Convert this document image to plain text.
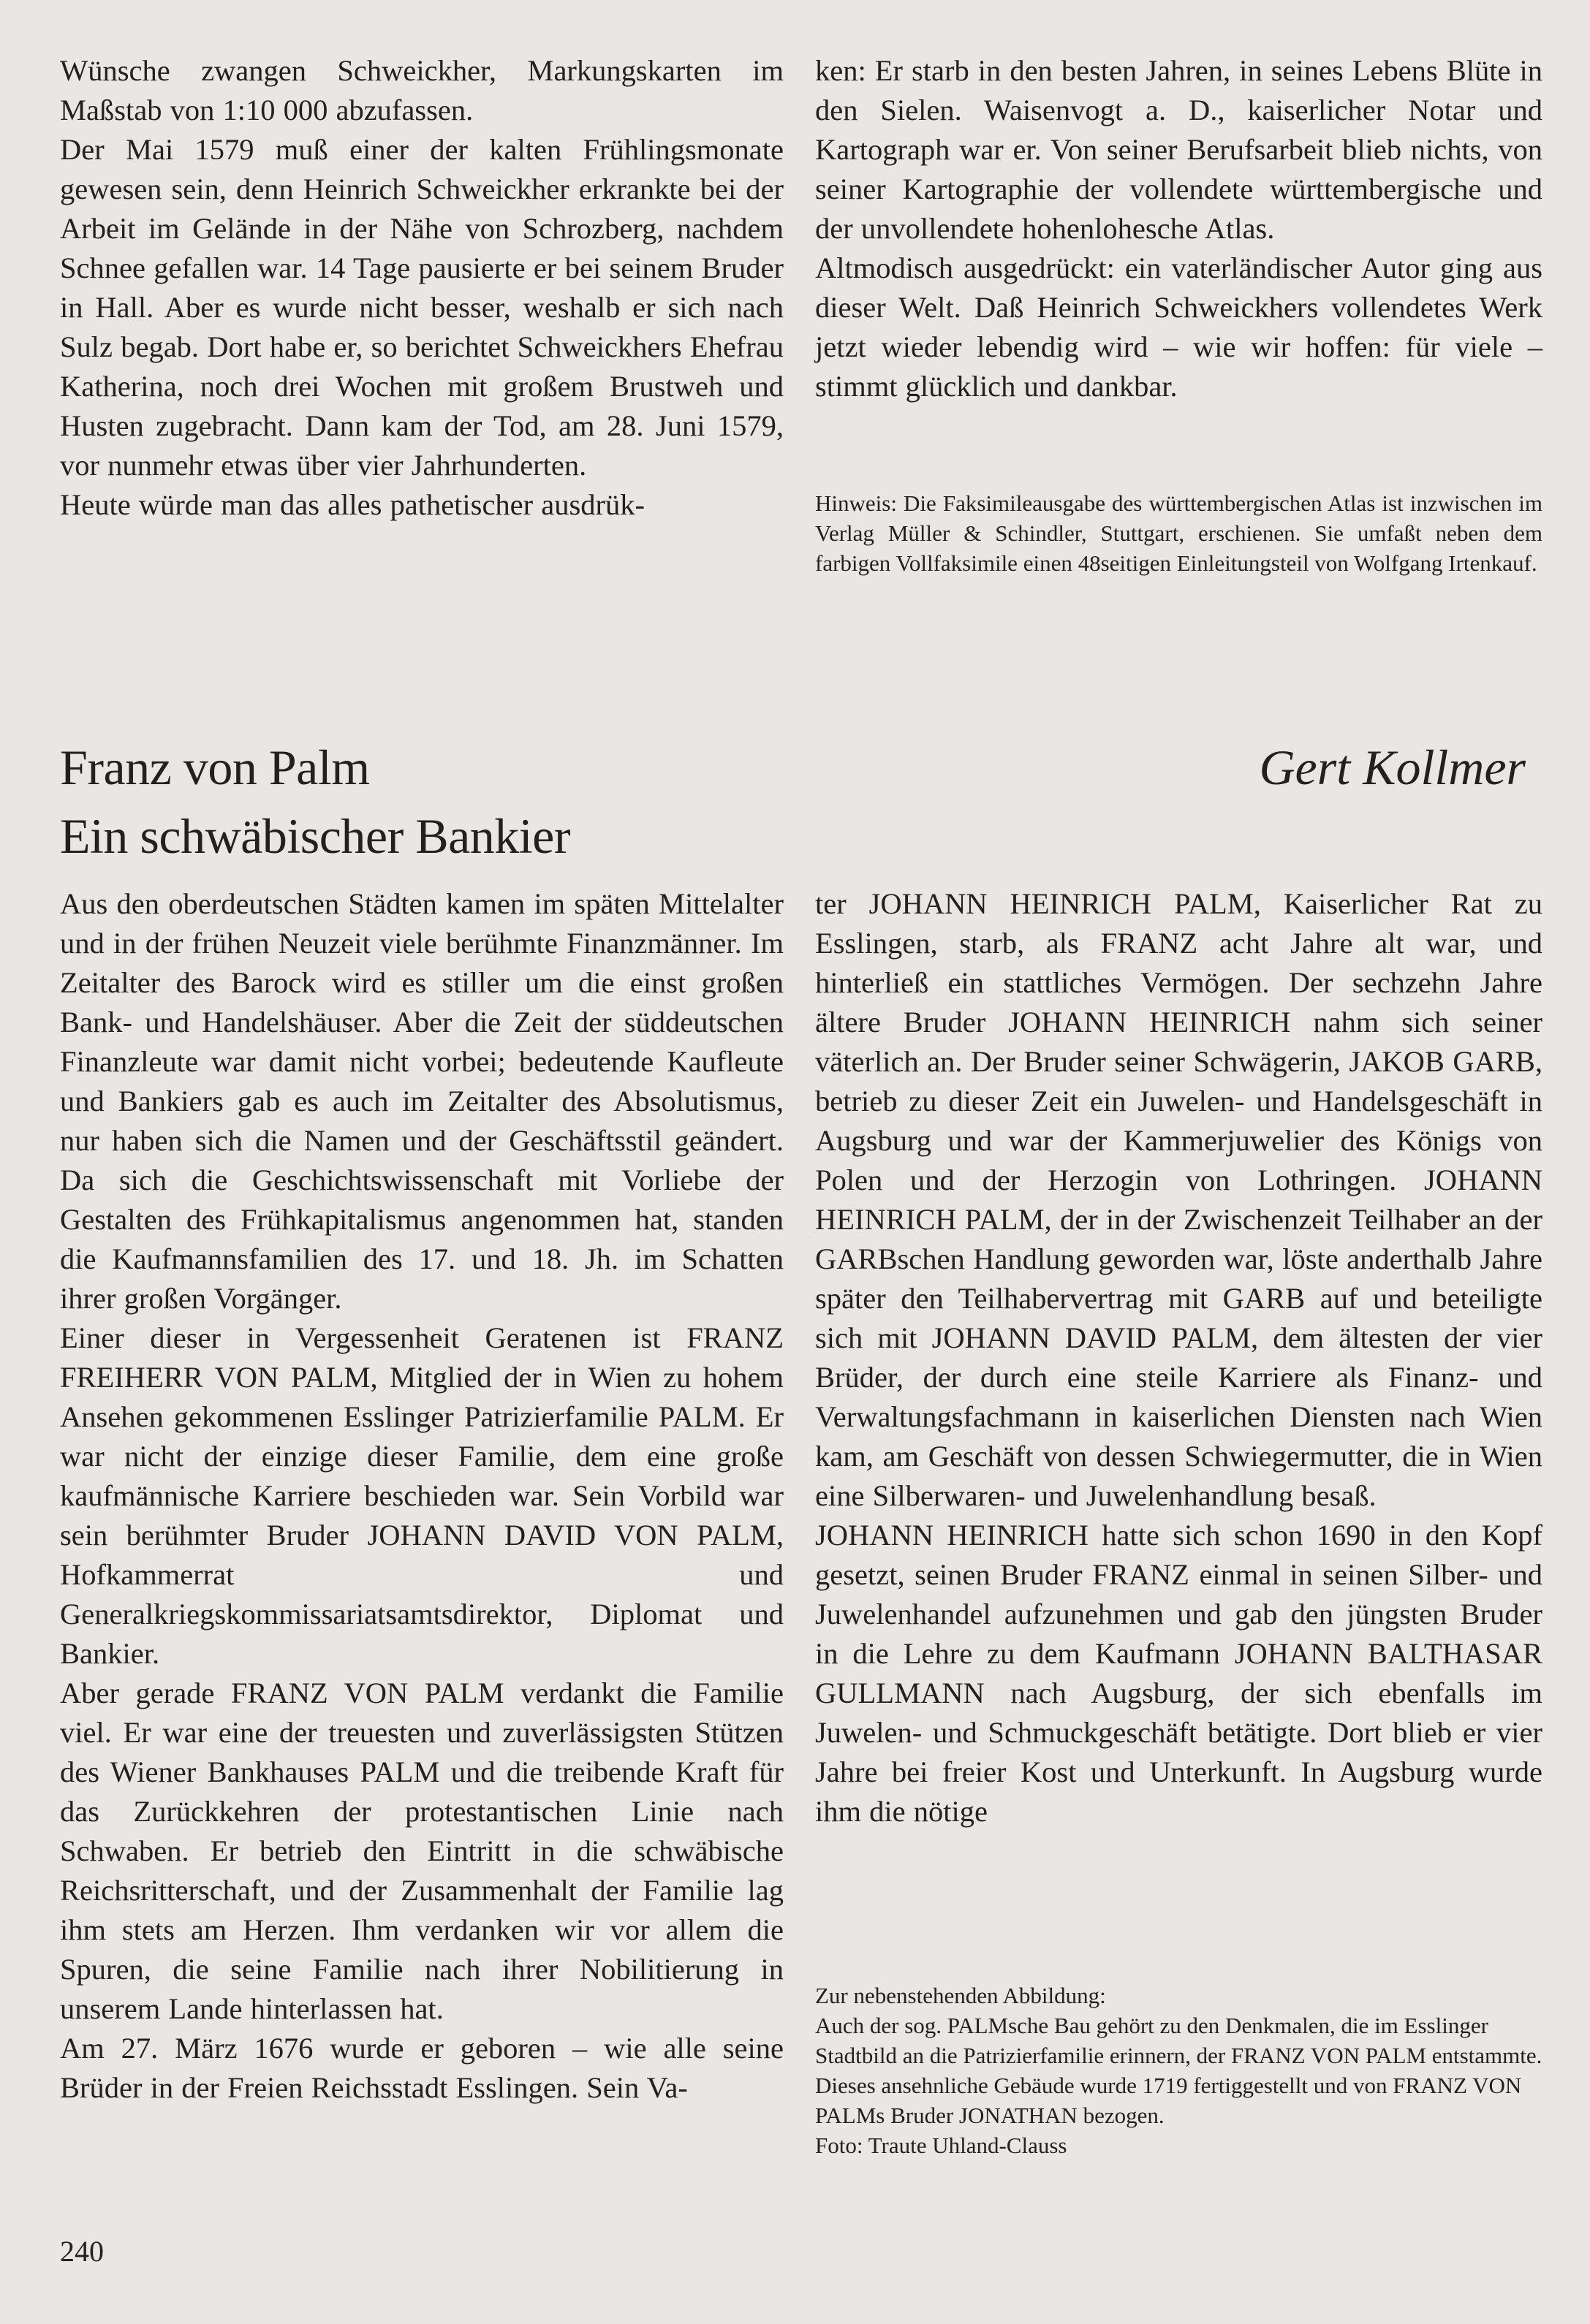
Wünsche zwangen Schweickher, Markungskarten im Maßstab von 1:10 000 abzufassen.

Der Mai 1579 muß einer der kalten Frühlingsmonate gewesen sein, denn Heinrich Schweickher erkrankte bei der Arbeit im Gelände in der Nähe von Schrozberg, nachdem Schnee gefallen war. 14 Tage pausierte er bei seinem Bruder in Hall. Aber es wurde nicht besser, weshalb er sich nach Sulz begab. Dort habe er, so berichtet Schweickhers Ehefrau Katherina, noch drei Wochen mit großem Brustweh und Husten zugebracht. Dann kam der Tod, am 28. Juni 1579, vor nunmehr etwas über vier Jahrhunderten.

Heute würde man das alles pathetischer ausdrük-

ken: Er starb in den besten Jahren, in seines Lebens Blüte in den Sielen. Waisenvogt a. D., kaiserlicher Notar und Kartograph war er. Von seiner Berufsarbeit blieb nichts, von seiner Kartographie der vollendete württembergische und der unvollendete hohenlohesche Atlas.

Altmodisch ausgedrückt: ein vaterländischer Autor ging aus dieser Welt. Daß Heinrich Schweickhers vollendetes Werk jetzt wieder lebendig wird – wie wir hoffen: für viele – stimmt glücklich und dankbar.

Hinweis: Die Faksimileausgabe des württembergischen Atlas ist inzwischen im Verlag Müller & Schindler, Stuttgart, erschienen. Sie umfaßt neben dem farbigen Vollfaksimile einen 48seitigen Einleitungsteil von Wolfgang Irtenkauf.

Franz von Palm
Ein schwäbischer Bankier
Gert Kollmer

Aus den oberdeutschen Städten kamen im späten Mittelalter und in der frühen Neuzeit viele berühmte Finanzmänner. Im Zeitalter des Barock wird es stiller um die einst großen Bank- und Handelshäuser. Aber die Zeit der süddeutschen Finanzleute war damit nicht vorbei; bedeutende Kaufleute und Bankiers gab es auch im Zeitalter des Absolutismus, nur haben sich die Namen und der Geschäftsstil geändert. Da sich die Geschichtswissenschaft mit Vorliebe der Gestalten des Frühkapitalismus angenommen hat, standen die Kaufmannsfamilien des 17. und 18. Jh. im Schatten ihrer großen Vorgänger.

Einer dieser in Vergessenheit Geratenen ist FRANZ FREIHERR VON PALM, Mitglied der in Wien zu hohem Ansehen gekommenen Esslinger Patrizierfamilie PALM. Er war nicht der einzige dieser Familie, dem eine große kaufmännische Karriere beschieden war. Sein Vorbild war sein berühmter Bruder JOHANN DAVID VON PALM, Hofkammerrat und Generalkriegskommissariatsamtsdirektor, Diplomat und Bankier.

Aber gerade FRANZ VON PALM verdankt die Familie viel. Er war eine der treuesten und zuverlässigsten Stützen des Wiener Bankhauses PALM und die treibende Kraft für das Zurückkehren der protestantischen Linie nach Schwaben. Er betrieb den Eintritt in die schwäbische Reichsritterschaft, und der Zusammenhalt der Familie lag ihm stets am Herzen. Ihm verdanken wir vor allem die Spuren, die seine Familie nach ihrer Nobilitierung in unserem Lande hinterlassen hat.

Am 27. März 1676 wurde er geboren – wie alle seine Brüder in der Freien Reichsstadt Esslingen. Sein Va-

ter JOHANN HEINRICH PALM, Kaiserlicher Rat zu Esslingen, starb, als FRANZ acht Jahre alt war, und hinterließ ein stattliches Vermögen. Der sechzehn Jahre ältere Bruder JOHANN HEINRICH nahm sich seiner väterlich an. Der Bruder seiner Schwägerin, JAKOB GARB, betrieb zu dieser Zeit ein Juwelen- und Handelsgeschäft in Augsburg und war der Kammerjuwelier des Königs von Polen und der Herzogin von Lothringen. JOHANN HEINRICH PALM, der in der Zwischenzeit Teilhaber an der GARBschen Handlung geworden war, löste anderthalb Jahre später den Teilhabervertrag mit GARB auf und beteiligte sich mit JOHANN DAVID PALM, dem ältesten der vier Brüder, der durch eine steile Karriere als Finanz- und Verwaltungsfachmann in kaiserlichen Diensten nach Wien kam, am Geschäft von dessen Schwiegermutter, die in Wien eine Silberwaren- und Juwelenhandlung besaß.

JOHANN HEINRICH hatte sich schon 1690 in den Kopf gesetzt, seinen Bruder FRANZ einmal in seinen Silber- und Juwelenhandel aufzunehmen und gab den jüngsten Bruder in die Lehre zu dem Kaufmann JOHANN BALTHASAR GULLMANN nach Augsburg, der sich ebenfalls im Juwelen- und Schmuckgeschäft betätigte. Dort blieb er vier Jahre bei freier Kost und Unterkunft. In Augsburg wurde ihm die nötige

Zur nebenstehenden Abbildung:
Auch der sog. PALMsche Bau gehört zu den Denkmalen, die im Esslinger Stadtbild an die Patrizierfamilie erinnern, der FRANZ VON PALM entstammte. Dieses ansehnliche Gebäude wurde 1719 fertiggestellt und von FRANZ VON PALMs Bruder JONATHAN bezogen.
Foto: Traute Uhland-Clauss
240
